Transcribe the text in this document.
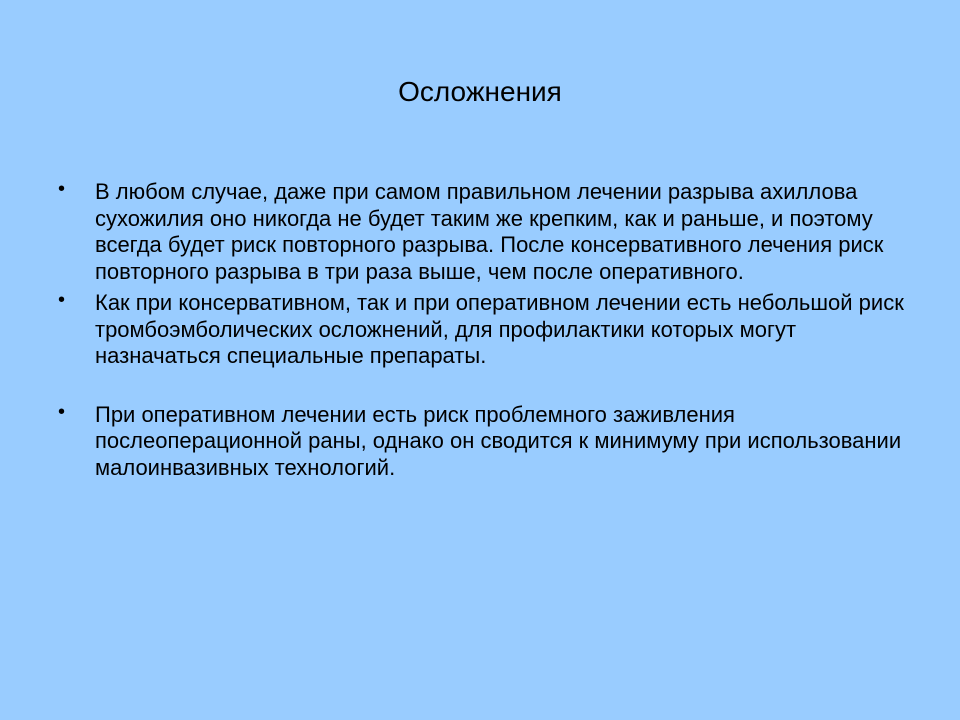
Осложнения
• В любом случае, даже при самом правильном лечении разрыва ахиллова сухожилия оно никогда не будет таким же крепким, как и раньше, и поэтому всегда будет риск повторного разрыва. После консервативного лечения риск повторного разрыва в три раза выше, чем после оперативного.
• Как при консервативном, так и при оперативном лечении есть небольшой риск тромбоэмболических осложнений, для профилактики которых могут назначаться специальные препараты.
• При оперативном лечении есть риск проблемного заживления послеоперационной раны, однако он сводится к минимуму при использовании малоинвазивных технологий.
